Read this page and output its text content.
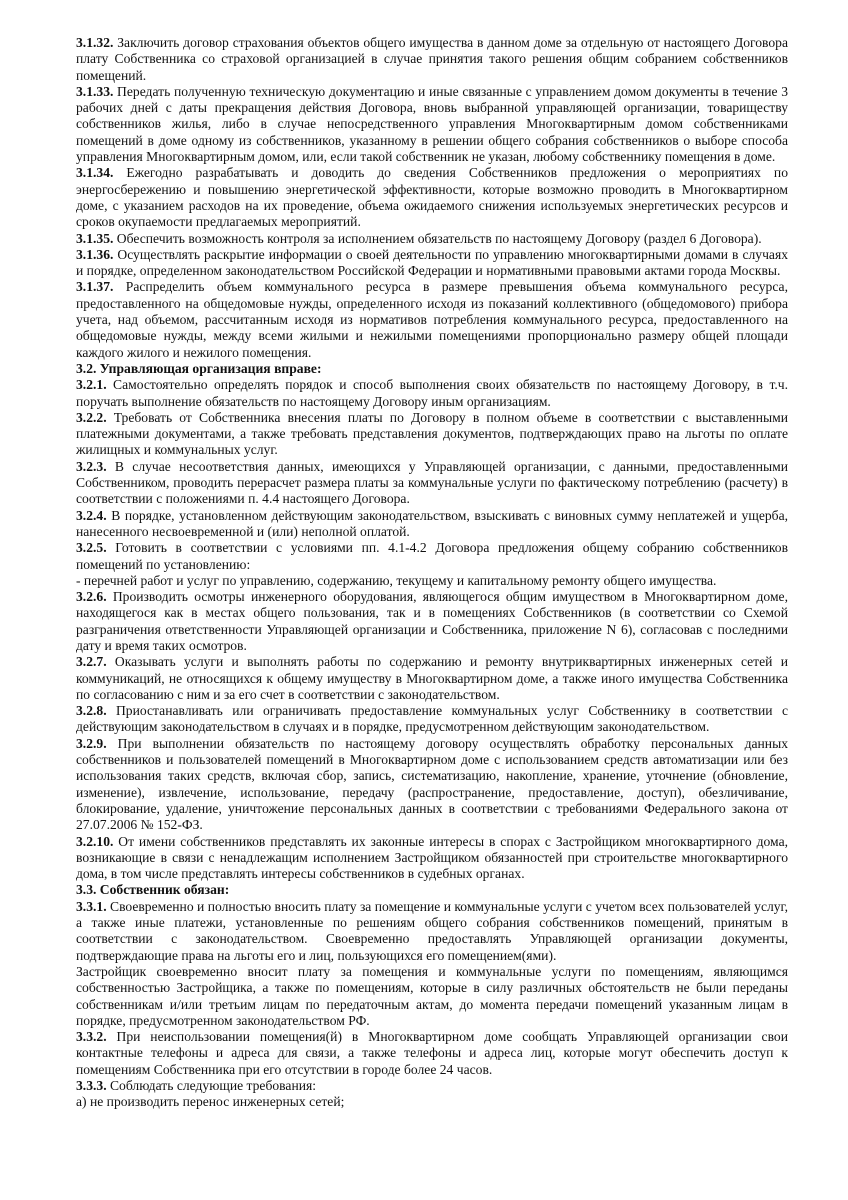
3.1.32. Заключить договор страхования объектов общего имущества в данном доме за отдельную от настоящего Договора плату Собственника со страховой организацией в случае принятия такого решения общим собранием собственников помещений.

3.1.33. Передать полученную техническую документацию и иные связанные с управлением домом документы в течение 3 рабочих дней с даты прекращения действия Договора, вновь выбранной управляющей организации, товариществу собственников жилья, либо в случае непосредственного управления Многоквартирным домом собственниками помещений в доме одному из собственников, указанному в решении общего собрания собственников о выборе способа управления Многоквартирным домом, или, если такой собственник не указан, любому собственнику помещения в доме.

3.1.34. Ежегодно разрабатывать и доводить до сведения Собственников предложения о мероприятиях по энергосбережению и повышению энергетической эффективности, которые возможно проводить в Многоквартирном доме, с указанием расходов на их проведение, объема ожидаемого снижения используемых энергетических ресурсов и сроков окупаемости предлагаемых мероприятий.

3.1.35. Обеспечить возможность контроля за исполнением обязательств по настоящему Договору (раздел 6 Договора).

3.1.36. Осуществлять раскрытие информации о своей деятельности по управлению многоквартирными домами в случаях и порядке, определенном законодательством Российской Федерации и нормативными правовыми актами города Москвы.

3.1.37. Распределить объем коммунального ресурса в размере превышения объема коммунального ресурса, предоставленного на общедомовые нужды, определенного исходя из показаний коллективного (общедомового) прибора учета, над объемом, рассчитанным исходя из нормативов потребления коммунального ресурса, предоставленного на общедомовые нужды, между всеми жилыми и нежилыми помещениями пропорционально размеру общей площади каждого жилого и нежилого помещения.

3.2. Управляющая организация вправе:

3.2.1. Самостоятельно определять порядок и способ выполнения своих обязательств по настоящему Договору, в т.ч. поручать выполнение обязательств по настоящему Договору иным организациям.

3.2.2. Требовать от Собственника внесения платы по Договору в полном объеме в соответствии с выставленными платежными документами, а также требовать представления документов, подтверждающих право на льготы по оплате жилищных и коммунальных услуг.

3.2.3. В случае несоответствия данных, имеющихся у Управляющей организации, с данными, предоставленными Собственником, проводить перерасчет размера платы за коммунальные услуги по фактическому потреблению (расчету) в соответствии с положениями п. 4.4 настоящего Договора.

3.2.4. В порядке, установленном действующим законодательством, взыскивать с виновных сумму неплатежей и ущерба, нанесенного несвоевременной и (или) неполной оплатой.

3.2.5. Готовить в соответствии с условиями пп. 4.1-4.2 Договора предложения общему собранию собственников помещений по установлению:

- перечней работ и услуг по управлению, содержанию, текущему и капитальному ремонту общего имущества.

3.2.6. Производить осмотры инженерного оборудования, являющегося общим имуществом в Многоквартирном доме, находящегося как в местах общего пользования, так и в помещениях Собственников (в соответствии со Схемой разграничения ответственности Управляющей организации и Собственника, приложение N 6), согласовав с последними дату и время таких осмотров.

3.2.7. Оказывать услуги и выполнять работы по содержанию и ремонту внутриквартирных инженерных сетей и коммуникаций, не относящихся к общему имуществу в Многоквартирном доме, а также иного имущества Собственника по согласованию с ним и за его счет в соответствии с законодательством.

3.2.8. Приостанавливать или ограничивать предоставление коммунальных услуг Собственнику в соответствии с действующим законодательством в случаях и в порядке, предусмотренном действующим законодательством.

3.2.9. При выполнении обязательств по настоящему договору осуществлять обработку персональных данных собственников и пользователей помещений в Многоквартирном доме с использованием средств автоматизации или без использования таких средств, включая сбор, запись, систематизацию, накопление, хранение, уточнение (обновление, изменение), извлечение, использование, передачу (распространение, предоставление, доступ), обезличивание, блокирование, удаление, уничтожение персональных данных в соответствии с требованиями Федерального закона от 27.07.2006 № 152-ФЗ.

3.2.10. От имени собственников представлять их законные интересы в спорах с Застройщиком многоквартирного дома, возникающие в связи с ненадлежащим исполнением Застройщиком обязанностей при строительстве многоквартирного дома, в том числе представлять интересы собственников в судебных органах.

3.3. Собственник обязан:

3.3.1. Своевременно и полностью вносить плату за помещение и коммунальные услуги с учетом всех пользователей услуг, а также иные платежи, установленные по решениям общего собрания собственников помещений, принятым в соответствии с законодательством. Своевременно предоставлять Управляющей организации документы, подтверждающие права на льготы его и лиц, пользующихся его помещением(ями).

Застройщик своевременно вносит плату за помещения и коммунальные услуги по помещениям, являющимся собственностью Застройщика, а также по помещениям, которые в силу различных обстоятельств не были переданы собственникам и/или третьим лицам по передаточным актам, до момента передачи помещений указанным лицам в порядке, предусмотренном законодательством РФ.

3.3.2. При неиспользовании помещения(й) в Многоквартирном доме сообщать Управляющей организации свои контактные телефоны и адреса для связи, а также телефоны и адреса лиц, которые могут обеспечить доступ к помещениям Собственника при его отсутствии в городе более 24 часов.

3.3.3. Соблюдать следующие требования:

а) не производить перенос инженерных сетей;
